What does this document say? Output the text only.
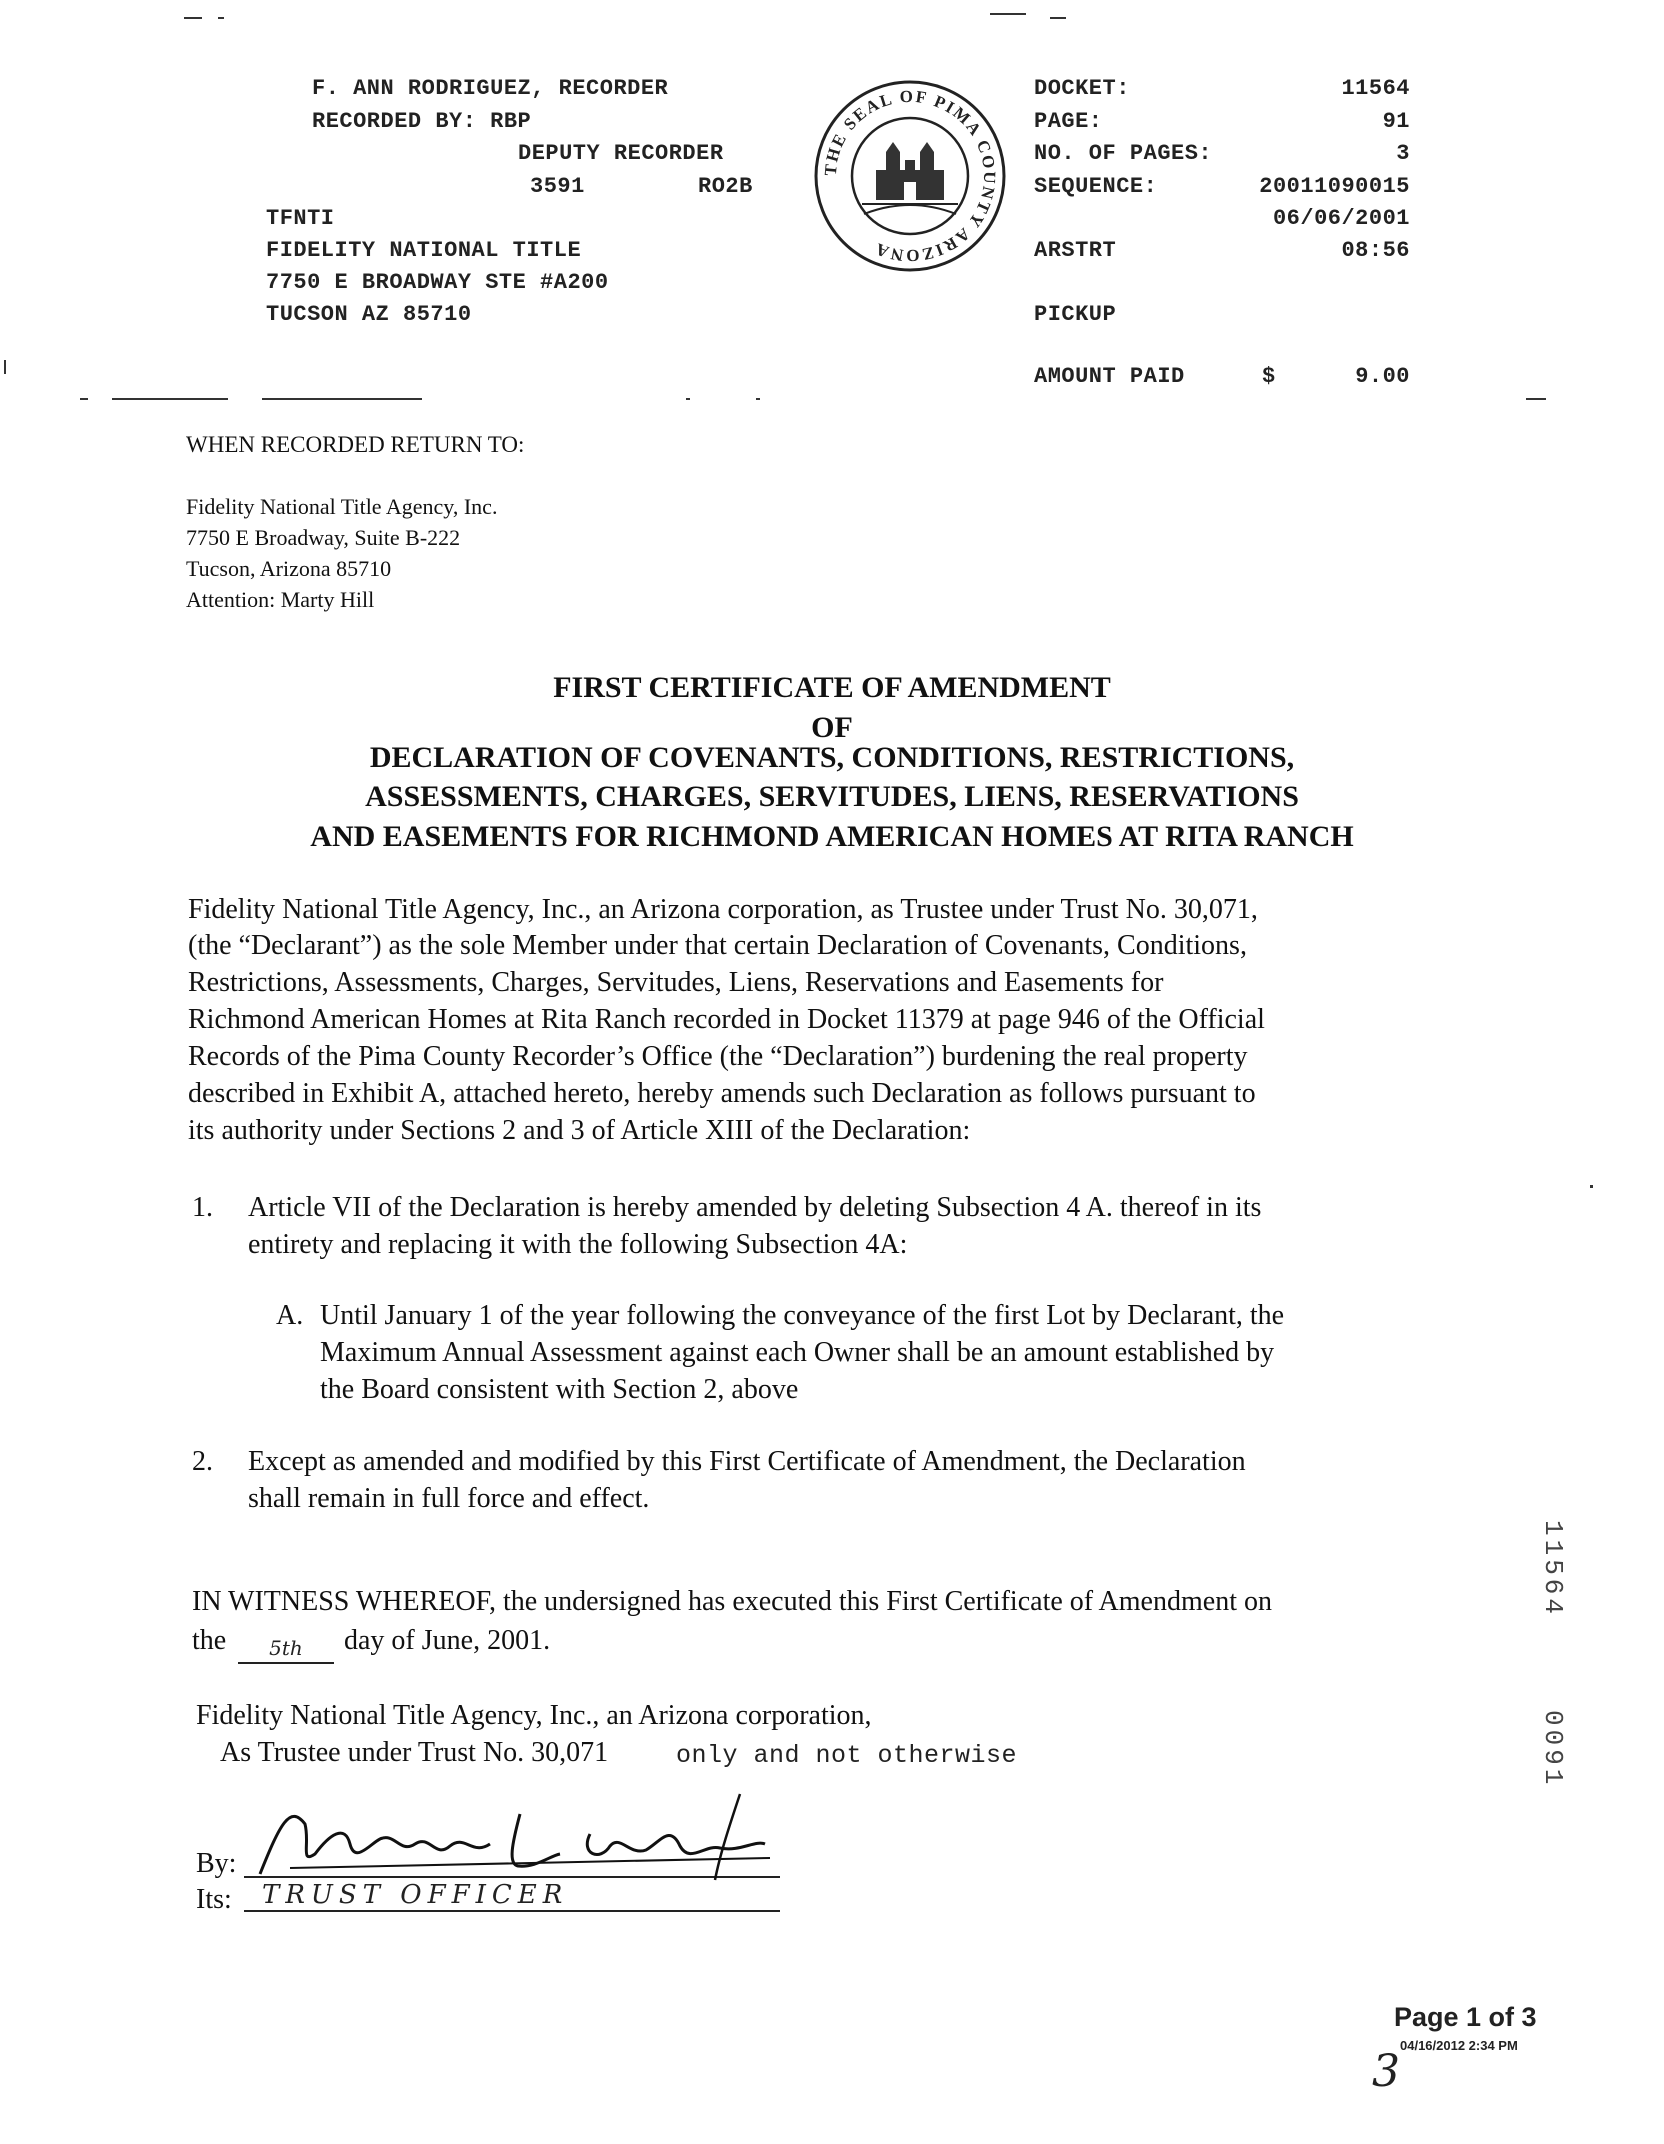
F. ANN RODRIGUEZ, RECORDER
RECORDED BY: RBP
DEPUTY RECORDER
3591	RO2B
TFNTI
FIDELITY NATIONAL TITLE
7750 E BROADWAY STE #A200
TUCSON AZ 85710
THE SEAL OF PIMA COUNTY ARIZONA
DOCKET:	11564
PAGE:	91
NO. OF PAGES:	3
SEQUENCE:	20011090015
06/06/2001
ARSTRT	08:56
PICKUP
AMOUNT PAID	$	9.00
WHEN RECORDED RETURN TO:
Fidelity National Title Agency, Inc.
7750 E Broadway, Suite B-222
Tucson, Arizona 85710
Attention: Marty Hill
FIRST CERTIFICATE OF AMENDMENT
OF
DECLARATION OF COVENANTS, CONDITIONS, RESTRICTIONS,
ASSESSMENTS, CHARGES, SERVITUDES, LIENS, RESERVATIONS
AND EASEMENTS FOR RICHMOND AMERICAN HOMES AT RITA RANCH
Fidelity National Title Agency, Inc., an Arizona corporation, as Trustee under Trust No. 30,071,
(the “Declarant”) as the sole Member under that certain Declaration of Covenants, Conditions,
Restrictions, Assessments, Charges, Servitudes, Liens, Reservations and Easements for
Richmond American Homes at Rita Ranch recorded in Docket 11379 at page 946 of the Official
Records of the Pima County Recorder’s Office (the “Declaration”) burdening the real property
described in Exhibit A, attached hereto, hereby amends such Declaration as follows pursuant to
its authority under Sections 2 and 3 of Article XIII of the Declaration:
1. Article VII of the Declaration is hereby amended by deleting Subsection 4 A. thereof in its
entirety and replacing it with the following Subsection 4A:
A. Until January 1 of the year following the conveyance of the first Lot by Declarant, the
Maximum Annual Assessment against each Owner shall be an amount established by
the Board consistent with Section 2, above
2. Except as amended and modified by this First Certificate of Amendment, the Declaration
shall remain in full force and effect.
IN WITNESS WHEREOF, the undersigned has executed this First Certificate of Amendment on
the	5th	day of June, 2001.
Fidelity National Title Agency, Inc., an Arizona corporation,
As Trustee under Trust No. 30,071	only and not otherwise
By:
Its: TRUST OFFICER
11564
0091
Page 1 of 3
04/16/2012 2:34 PM
3
